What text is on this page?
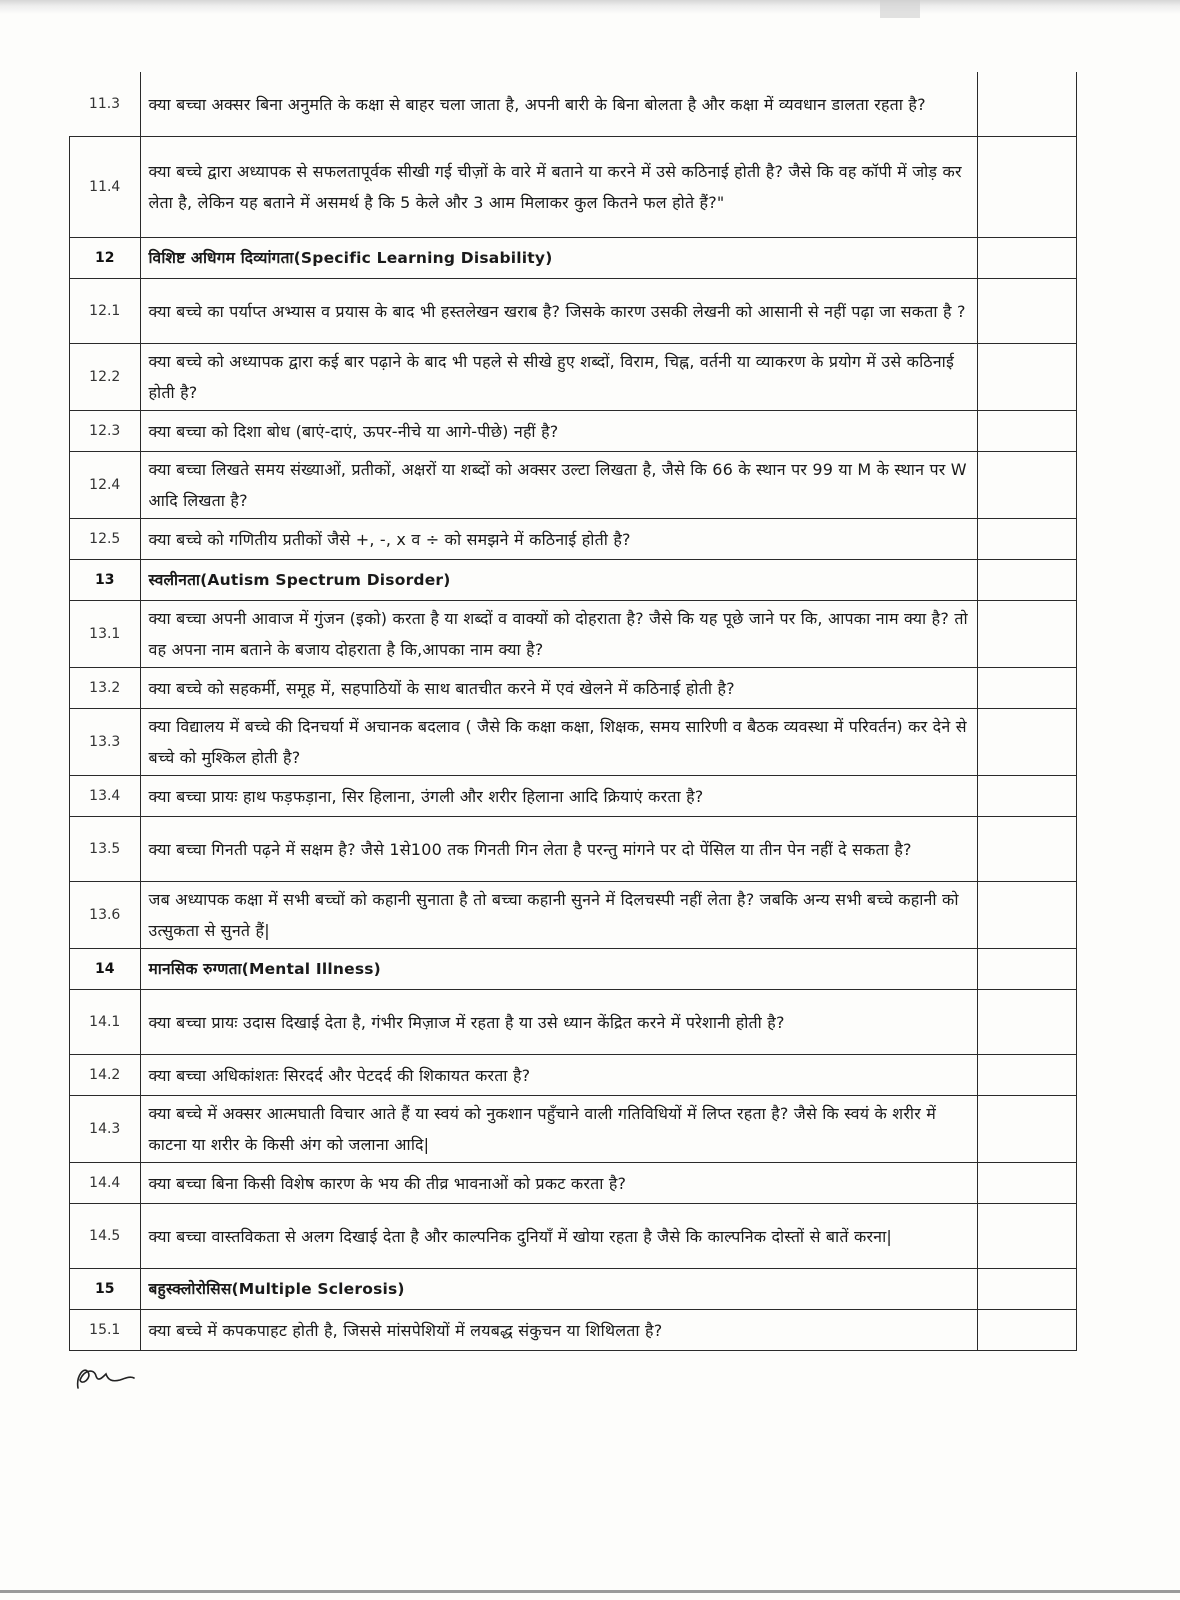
11.3	क्या बच्चा अक्सर बिना अनुमति के कक्षा से बाहर चला जाता है, अपनी बारी के बिना बोलता है और कक्षा में व्यवधान डालता रहता है?	
11.4	क्या बच्चे द्वारा अध्यापक से सफलतापूर्वक सीखी गई चीज़ों के वारे में बताने या करने में उसे कठिनाई होती है? जैसे कि वह कॉपी में जोड़ कर लेता है, लेकिन यह बताने में असमर्थ है कि 5 केले और 3 आम मिलाकर कुल कितने फल होते हैं?"	
12	विशिष्ट अधिगम दिव्यांगता(Specific Learning Disability)	
12.1	क्या बच्चे का पर्याप्त अभ्यास व प्रयास के बाद भी हस्तलेखन खराब है? जिसके कारण उसकी लेखनी को आसानी से नहीं पढ़ा जा सकता है ?	
12.2	क्या बच्चे को अध्यापक द्वारा कई बार पढ़ाने के बाद भी पहले से सीखे हुए शब्दों, विराम, चिह्न, वर्तनी या व्याकरण के प्रयोग में उसे कठिनाई होती है?	
12.3	क्या बच्चा को दिशा बोध (बाएं-दाएं, ऊपर-नीचे या आगे-पीछे) नहीं है?	
12.4	क्या बच्चा लिखते समय संख्याओं, प्रतीकों, अक्षरों या शब्दों को अक्सर उल्टा लिखता है, जैसे कि 66 के स्थान पर 99 या M के स्थान पर W आदि लिखता है?	
12.5	क्या बच्चे को गणितीय प्रतीकों जैसे +, -, x व ÷ को समझने में कठिनाई होती है?	
13	स्वलीनता(Autism Spectrum Disorder)	
13.1	क्या बच्चा अपनी आवाज में गुंजन (इको) करता है या शब्दों व वाक्यों को दोहराता है? जैसे कि यह पूछे जाने पर कि, आपका नाम क्या है? तो वह अपना नाम बताने के बजाय दोहराता है कि,आपका नाम क्या है?	
13.2	क्या बच्चे को सहकर्मी, समूह में, सहपाठियों के साथ बातचीत करने में एवं खेलने में कठिनाई होती है?	
13.3	क्या विद्यालय में बच्चे की दिनचर्या में अचानक बदलाव ( जैसे कि कक्षा कक्षा, शिक्षक, समय सारिणी व बैठक व्यवस्था में परिवर्तन) कर देने से बच्चे को मुश्किल होती है?	
13.4	क्या बच्चा प्रायः हाथ फड़फड़ाना, सिर हिलाना, उंगली और शरीर हिलाना आदि क्रियाएं करता है?	
13.5	क्या बच्चा गिनती पढ़ने में सक्षम है? जैसे 1से100 तक गिनती गिन लेता है परन्तु मांगने पर दो पेंसिल या तीन पेन नहीं दे सकता है?	
13.6	जब अध्यापक कक्षा में सभी बच्चों को कहानी सुनाता है तो बच्चा कहानी सुनने में दिलचस्पी नहीं लेता है? जबकि अन्य सभी बच्चे कहानी को उत्सुकता से सुनते हैं|	
14	मानसिक रुग्णता(Mental Illness)	
14.1	क्या बच्चा प्रायः उदास दिखाई देता है, गंभीर मिज़ाज में रहता है या उसे ध्यान केंद्रित करने में परेशानी होती है?	
14.2	क्या बच्चा अधिकांशतः सिरदर्द और पेटदर्द की शिकायत करता है?	
14.3	क्या बच्चे में अक्सर आत्मघाती विचार आते हैं या स्वयं को नुकशान पहुँचाने वाली गतिविधियों में लिप्त रहता है? जैसे कि स्वयं के शरीर में काटना या शरीर के किसी अंग को जलाना आदि|	
14.4	क्या बच्चा बिना किसी विशेष कारण के भय की तीव्र भावनाओं को प्रकट करता है?	
14.5	क्या बच्चा वास्तविकता से अलग दिखाई देता है और काल्पनिक दुनियाँ में खोया रहता है जैसे कि काल्पनिक दोस्तों से बातें करना|	
15	बहुस्क्लोरोसिस(Multiple Sclerosis)	
15.1	क्या बच्चे में कपकपाहट होती है, जिससे मांसपेशियों में लयबद्ध संकुचन या शिथिलता है?	
